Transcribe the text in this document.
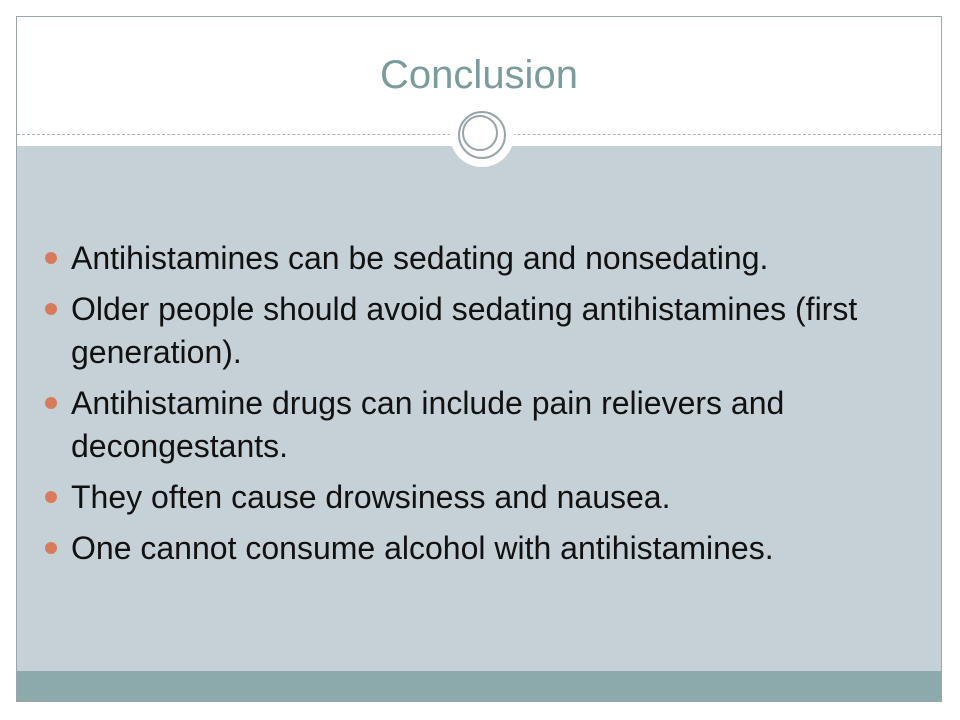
Conclusion
Antihistamines can be sedating and nonsedating.
Older people should avoid sedating antihistamines (first generation).
Antihistamine drugs can include pain relievers and decongestants.
They often cause drowsiness and nausea.
One cannot consume alcohol with antihistamines.
